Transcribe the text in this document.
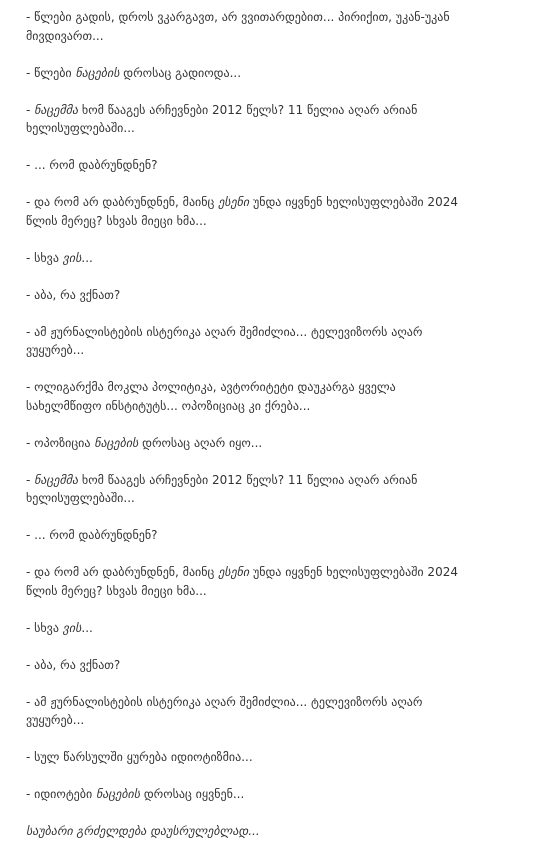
- წლები გადის, დროს ვკარგავთ, არ ვვითარდებით... პირიქით, უკან-უკან მივდივართ...

- წლები ნაცების დროსაც გადიოდა...

- ნაცემმა ხომ წააგეს არჩევნები 2012 წელს? 11 წელია აღარ არიან ხელისუფლებაში...

- ... რომ დაბრუნდნენ?

- და რომ არ დაბრუნდნენ, მაინც ესენი უნდა იყვნენ ხელისუფლებაში 2024 წლის მერეც? სხვას მიეცი ხმა...

- სხვა ვის...

- აბა, რა ვქნათ?

- ამ ჟურნალისტების ისტერიკა აღარ შემიძლია... ტელევიზორს აღარ ვუყურებ...

- ოლიგარქმა მოკლა პოლიტიკა, ავტორიტეტი დაუკარგა ყველა სახელმწიფო ინსტიტუტს... ოპოზიციაც კი ქრება...

- ოპოზიცია ნაცების დროსაც აღარ იყო...

- ნაცემმა ხომ წააგეს არჩევნები 2012 წელს? 11 წელია აღარ არიან ხელისუფლებაში...

- ... რომ დაბრუნდნენ?

- და რომ არ დაბრუნდნენ, მაინც ესენი უნდა იყვნენ ხელისუფლებაში 2024 წლის მერეც? სხვას მიეცი ხმა...

- სხვა ვის...

- აბა, რა ვქნათ?

- ამ ჟურნალისტების ისტერიკა აღარ შემიძლია... ტელევიზორს აღარ ვუყურებ...

- სულ წარსულში ყურება იდიოტიზმია...

- იდიოტები ნაცების დროსაც იყვნენ...

საუბარი გრძელდება დაუსრულებლად...
